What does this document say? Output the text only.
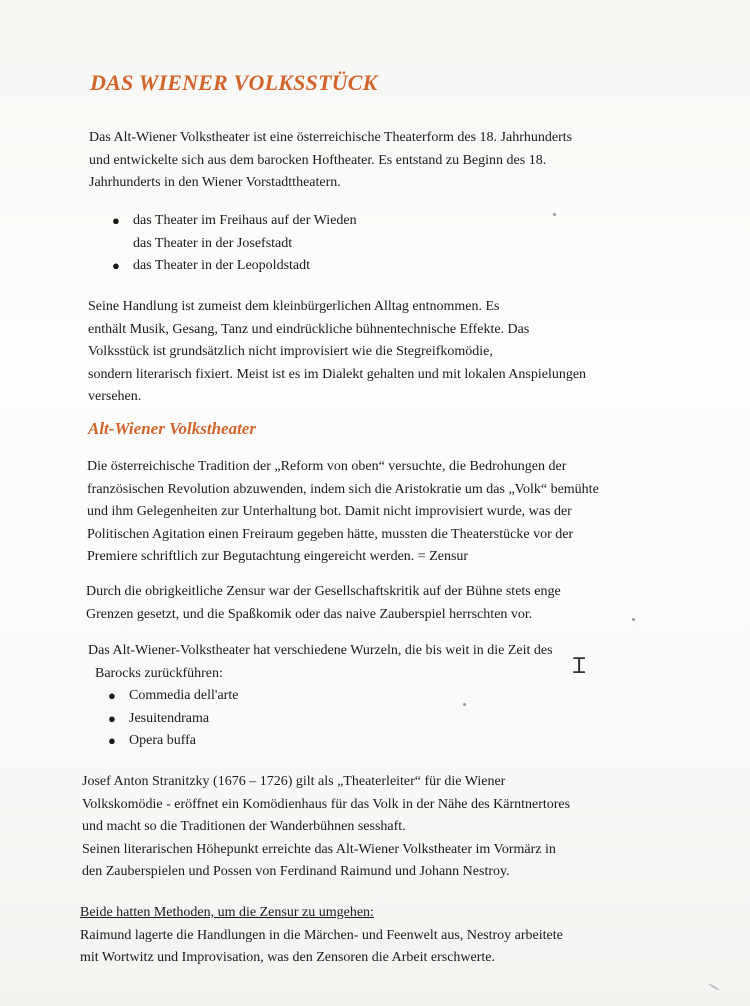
DAS WIENER VOLKSSTÜCK

Das Alt-Wiener Volkstheater ist eine österreichische Theaterform des 18. Jahrhunderts
und entwickelte sich aus dem barocken Hoftheater. Es entstand zu Beginn des 18.
Jahrhunderts in den Wiener Vorstadttheatern.

● das Theater im Freihaus auf der Wieden
das Theater in der Josefstadt
● das Theater in der Leopoldstadt

Seine Handlung ist zumeist dem kleinbürgerlichen Alltag entnommen. Es
enthält Musik, Gesang, Tanz und eindrückliche bühnentechnische Effekte. Das
Volksstück ist grundsätzlich nicht improvisiert wie die Stegreifkomödie,
sondern literarisch fixiert. Meist ist es im Dialekt gehalten und mit lokalen Anspielungen
versehen.

Alt-Wiener Volkstheater

Die österreichische Tradition der „Reform von oben“ versuchte, die Bedrohungen der
französischen Revolution abzuwenden, indem sich die Aristokratie um das „Volk“ bemühte
und ihm Gelegenheiten zur Unterhaltung bot. Damit nicht improvisiert wurde, was der
Politischen Agitation einen Freiraum gegeben hätte, mussten die Theaterstücke vor der
Premiere schriftlich zur Begutachtung eingereicht werden. = Zensur

Durch die obrigkeitliche Zensur war der Gesellschaftskritik auf der Bühne stets enge
Grenzen gesetzt, und die Spaßkomik oder das naive Zauberspiel herrschten vor.

Das Alt-Wiener-Volkstheater hat verschiedene Wurzeln, die bis weit in die Zeit des
Barocks zurückführen:

● Commedia dell'arte
● Jesuitendrama
● Opera buffa

Josef Anton Stranitzky (1676 – 1726) gilt als „Theaterleiter“ für die Wiener
Volkskomödie - eröffnet ein Komödienhaus für das Volk in der Nähe des Kärntnertores
und macht so die Traditionen der Wanderbühnen sesshaft.
Seinen literarischen Höhepunkt erreichte das Alt-Wiener Volkstheater im Vormärz in
den Zauberspielen und Possen von Ferdinand Raimund und Johann Nestroy.

Beide hatten Methoden, um die Zensur zu umgehen:
Raimund lagerte die Handlungen in die Märchen- und Feenwelt aus, Nestroy arbeitete
mit Wortwitz und Improvisation, was den Zensoren die Arbeit erschwerte.

Ɪ
